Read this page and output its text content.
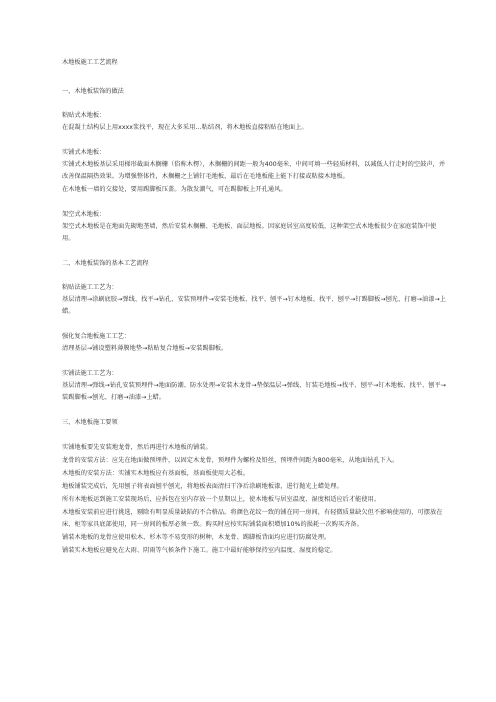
木地板施工工艺流程
一、木地板装饰的做法
粘贴式木地板：
在混凝土结构层上用xxxx浆找平，现在大多采用…粘结剂，将木地板直接粘贴在地面上。
实铺式木地板：
实铺式木地板基层采用梯形截面木搁栅（俗称木楞），木搁栅的间距一般为400毫米，中间可填一些轻质材料，以减低人行走时的空鼓声，并改善保温隔热效果。为增强整体性，木搁栅之上铺钉毛地板，最后在毛地板能上能下打接或粘接木地板。
在木地板一墙的交接处，要用踢脚板压盖。为散发潮气，可在踢脚板上开孔通风。
架空式木地板：
架空式木地板是在地面先砌地垄墙，然后安装木搁栅、毛地板、面层地板。因家庭居室高度较低，这种架空式木地板很少在家庭装饰中使用。
二、木地板装饰的基本工艺流程
粘贴法施工工艺为：
基层清理→涂刷底胶→弹线、找平→钻孔、安装预埋件→安装毛地板、找平、刨平→钉木地板、找平、刨平→钉踢脚板→刨光、打磨→油漆→上蜡。
强化复合地板施工工艺：
清理基层→铺设塑料薄膜地垫→粘贴复合地板→安装踢脚板。
实铺法施工工艺为：
基层清理→弹线→钻孔安装预埋件→地面防潮、防水处理→安装木龙骨→垫保温层→弹线、钉装毛地板→找平、刨平→钉木地板、找平、刨平→装踢脚板→刨光、打磨→油漆→上蜡。
三、木地板施工要领
实铺地板要先安装地龙骨，然后再进行木地板的铺装。
龙骨的安装方法：应先在地面做预埋件，以固定木龙骨，预埋件为螺栓及铅丝，预埋件间距为800毫米，从地面钻孔下入。
木地板的安装方法：实铺实木地板应有基面板，基面板使用大芯板。
地板铺装完成后，先用刨子将表面刨平刨光，将地板表面清扫干净后涂刷地板漆，进行抛光上蜡处理。
所有木地板运到施工安装现场后，应拆包在室内存放一个星期以上，使木地板与居室温度、湿度相适应后才能使用。
木地板安装前应进行挑选，剔除有明显质量缺陷的不合格品。将颜色花纹一致的铺在同一房间，有轻微质量缺欠但不影响使用的，可摆放在床、柜等家具底部使用，同一房间的板厚必须一致。购买时应按实际铺装面积增加10%的损耗一次购买齐备。
铺装木地板的龙骨应使用松木、杉木等不易变形的树种，木龙骨、踢脚板背面均应进行防腐处理。
铺装实木地板应避免在大雨、阴雨等气候条件下施工。施工中最好能够保持室内温度、湿度的稳定。
